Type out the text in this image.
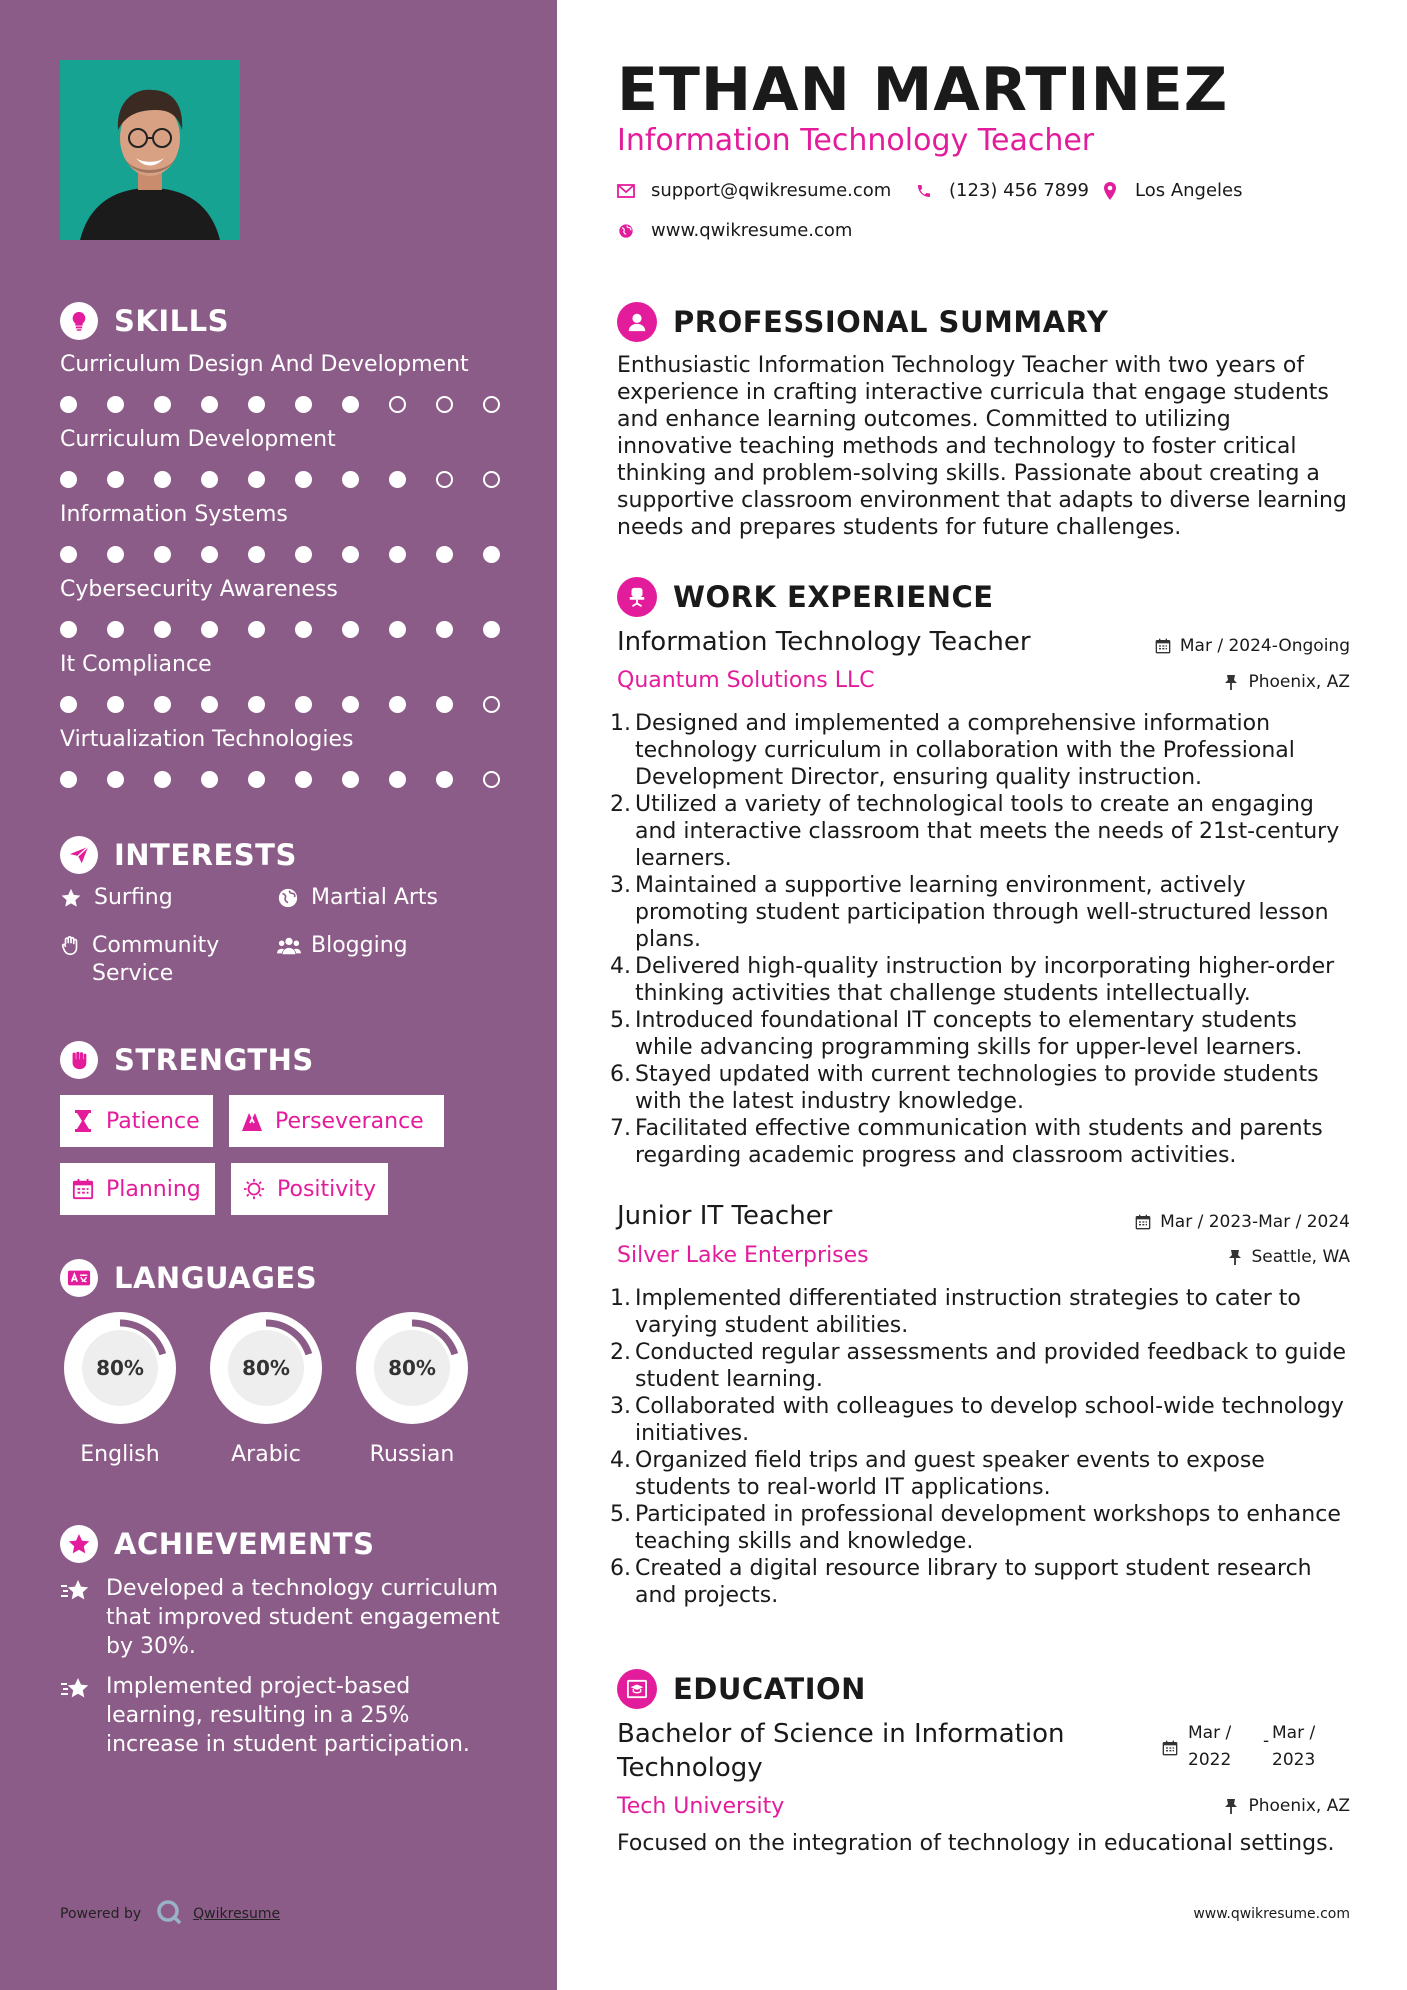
SKILLS
Curriculum Design And Development
Curriculum Development
Information Systems
Cybersecurity Awareness
It Compliance
Virtualization Technologies
INTERESTS
Surfing	Martial Arts
Community Service
Blogging
STRENGTHS
Patience	Perseverance
Planning	Positivity
LANGUAGES
80%
English
80%
Arabic
80%
Russian
ACHIEVEMENTS
Developed a technology curriculum that improved student engagement by 30%.
Implemented project-based learning, resulting in a 25% increase in student participation.
Powered by	Qwikresume
ETHAN MARTINEZ
Information Technology Teacher
support@qwikresume.com	(123) 456 7899	Los Angeles
www.qwikresume.com
PROFESSIONAL SUMMARY
Enthusiastic Information Technology Teacher with two years of experience in crafting interactive curricula that engage students and enhance learning outcomes. Committed to utilizing innovative teaching methods and technology to foster critical thinking and problem-solving skills. Passionate about creating a supportive classroom environment that adapts to diverse learning needs and prepares students for future challenges.
WORK EXPERIENCE
Information Technology Teacher	Mar / 2024-Ongoing
Quantum Solutions LLC	Phoenix, AZ
1. Designed and implemented a comprehensive information technology curriculum in collaboration with the Professional Development Director, ensuring quality instruction.
2. Utilized a variety of technological tools to create an engaging and interactive classroom that meets the needs of 21st-century learners.
3. Maintained a supportive learning environment, actively promoting student participation through well-structured lesson plans.
4. Delivered high-quality instruction by incorporating higher-order thinking activities that challenge students intellectually.
5. Introduced foundational IT concepts to elementary students while advancing programming skills for upper-level learners.
6. Stayed updated with current technologies to provide students with the latest industry knowledge.
7. Facilitated effective communication with students and parents regarding academic progress and classroom activities.
Junior IT Teacher	Mar / 2023-Mar / 2024
Silver Lake Enterprises	Seattle, WA
1. Implemented differentiated instruction strategies to cater to varying student abilities.
2. Conducted regular assessments and provided feedback to guide student learning.
3. Collaborated with colleagues to develop school-wide technology initiatives.
4. Organized field trips and guest speaker events to expose students to real-world IT applications.
5. Participated in professional development workshops to enhance teaching skills and knowledge.
6. Created a digital resource library to support student research and projects.
EDUCATION
Bachelor of Science in Information
Technology
Mar /
2022
- Mar /
2023
Tech University	Phoenix, AZ
Focused on the integration of technology in educational settings.
www.qwikresume.com
